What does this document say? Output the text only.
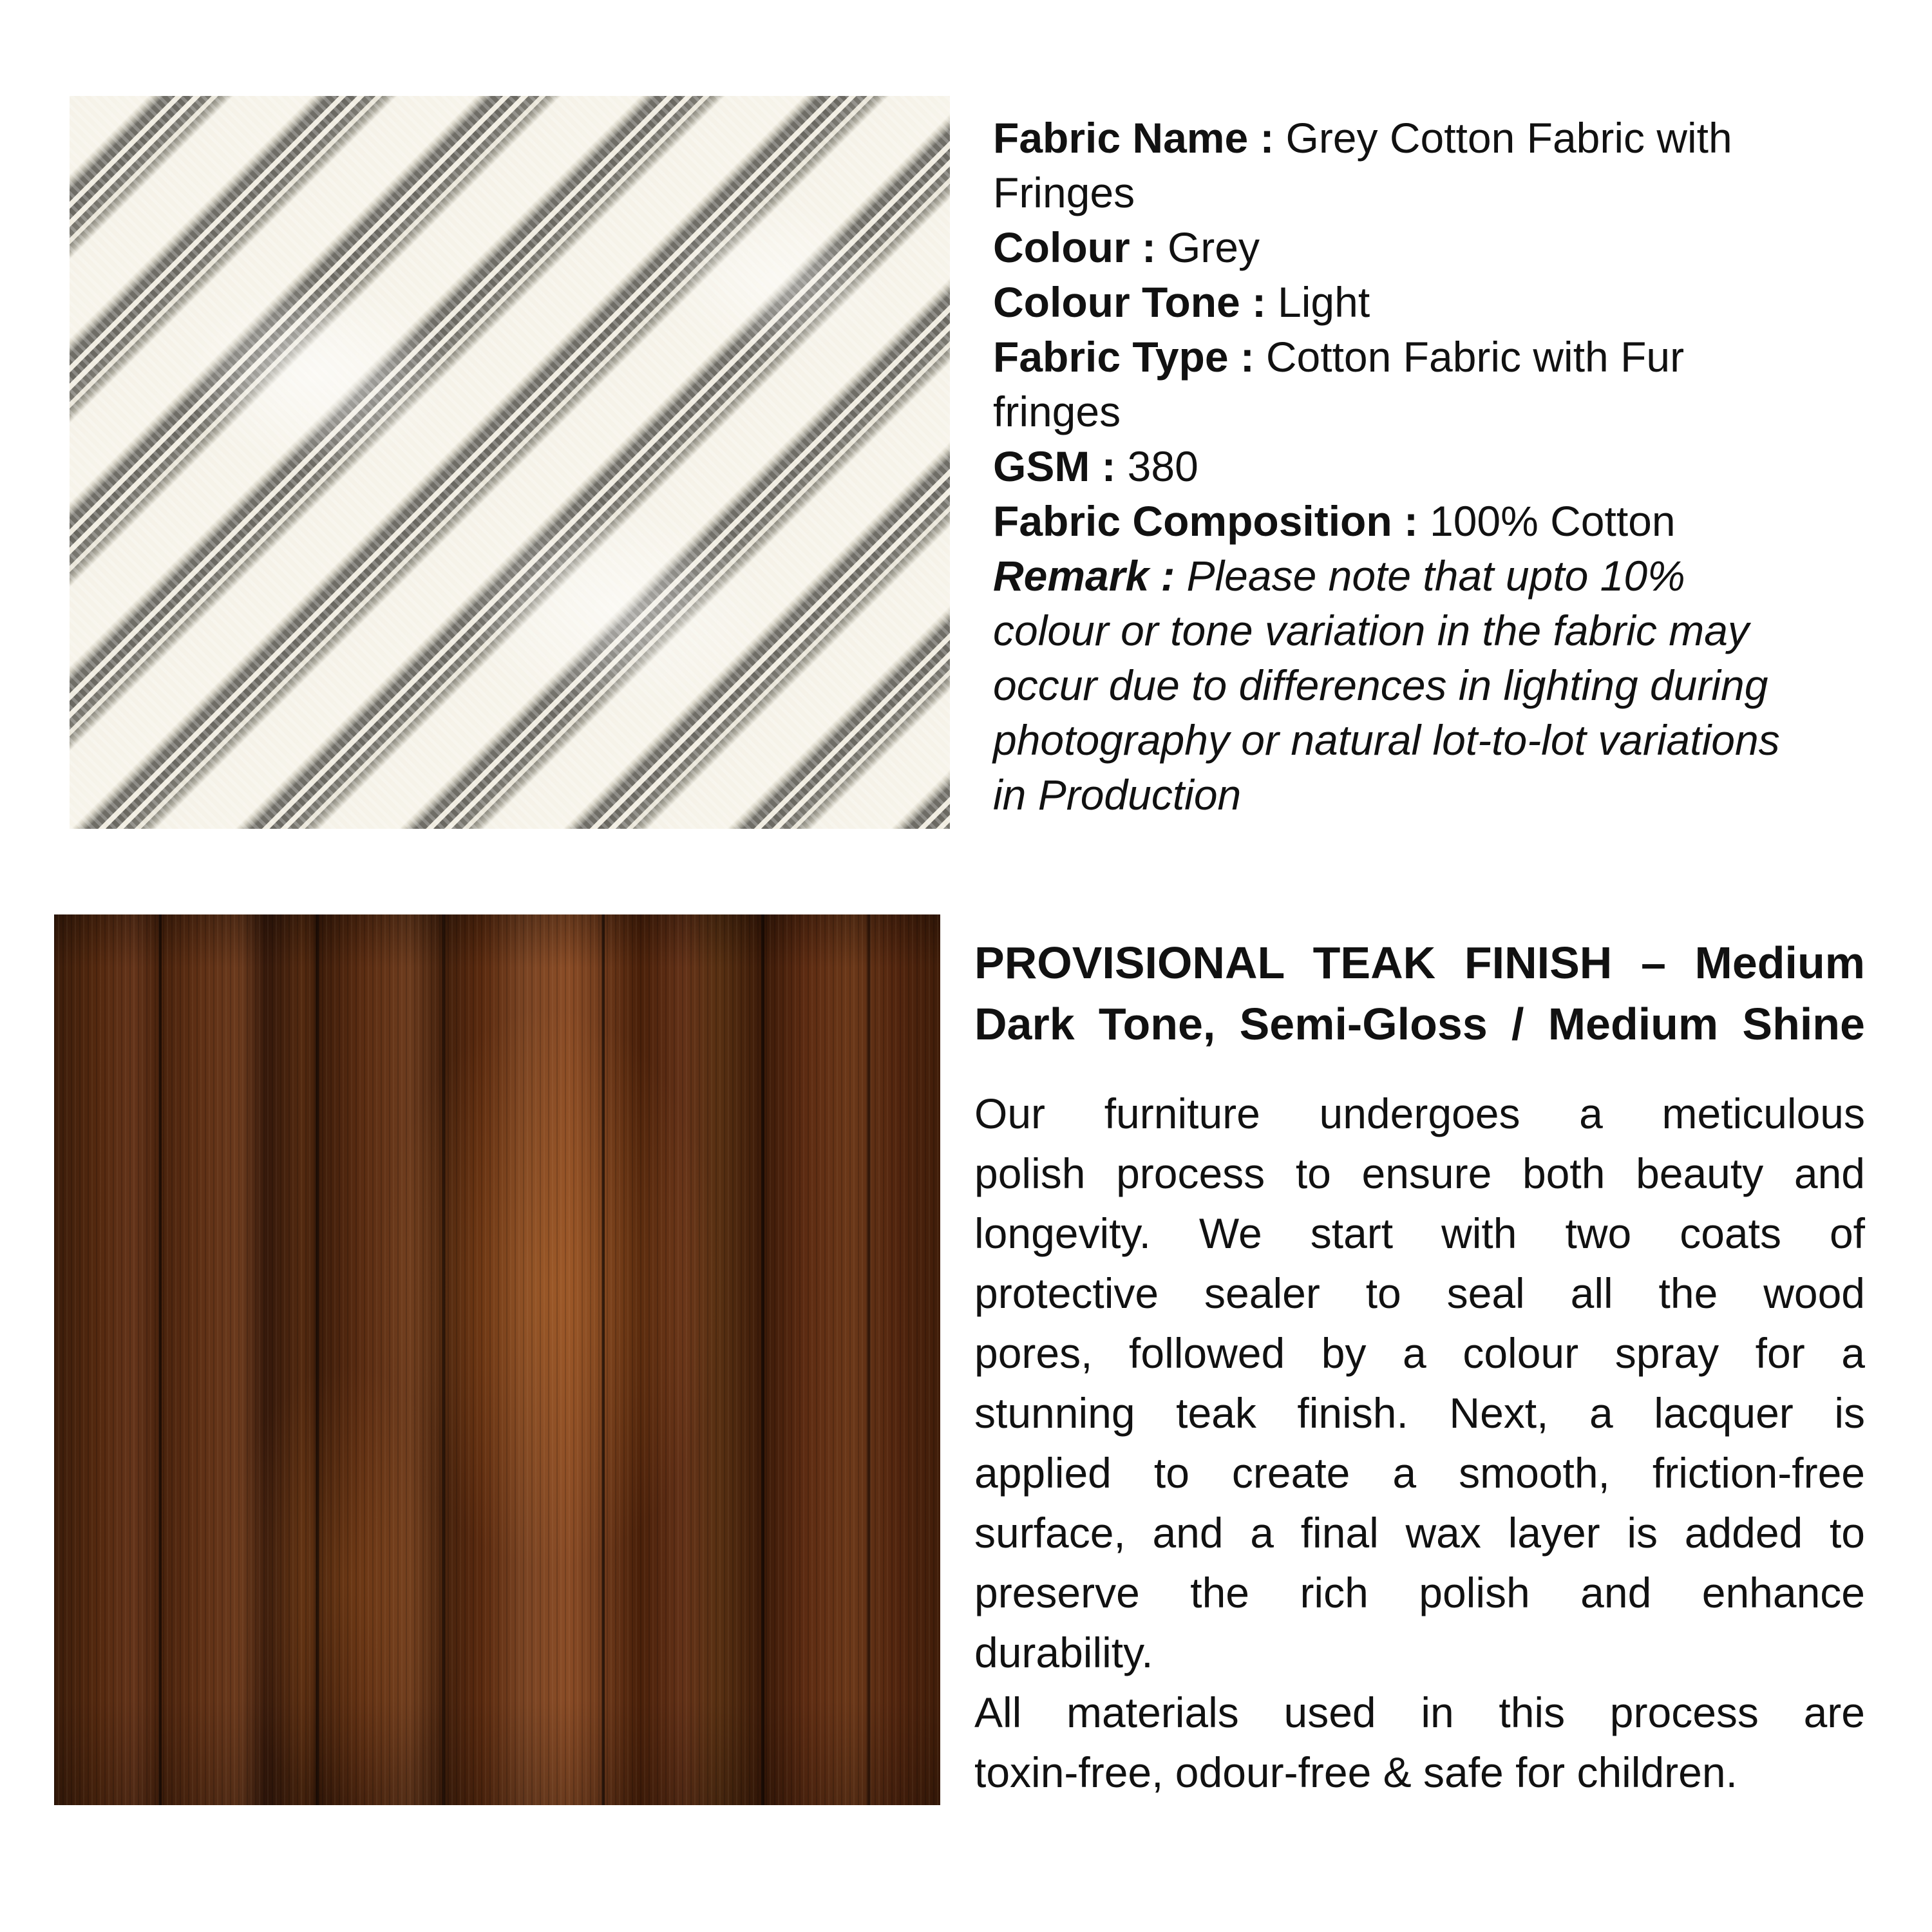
Fabric Name : Grey Cotton Fabric with
Fringes
Colour : Grey
Colour Tone : Light
Fabric Type : Cotton Fabric with Fur
fringes
GSM : 380
Fabric Composition : 100% Cotton
Remark : Please note that upto 10%
colour or tone variation in the fabric may
occur due to differences in lighting during
photography or natural lot-to-lot variations
in Production
PROVISIONAL TEAK FINISH – Medium
Dark Tone, Semi-Gloss / Medium Shine
Our furniture undergoes a meticulous
polish process to ensure both beauty and
longevity. We start with two coats of
protective sealer to seal all the wood
pores, followed by a colour spray for a
stunning teak finish. Next, a lacquer is
applied to create a smooth, friction-free
surface, and a final wax layer is added to
preserve the rich polish and enhance
durability.
All materials used in this process are
toxin-free, odour-free & safe for children.
